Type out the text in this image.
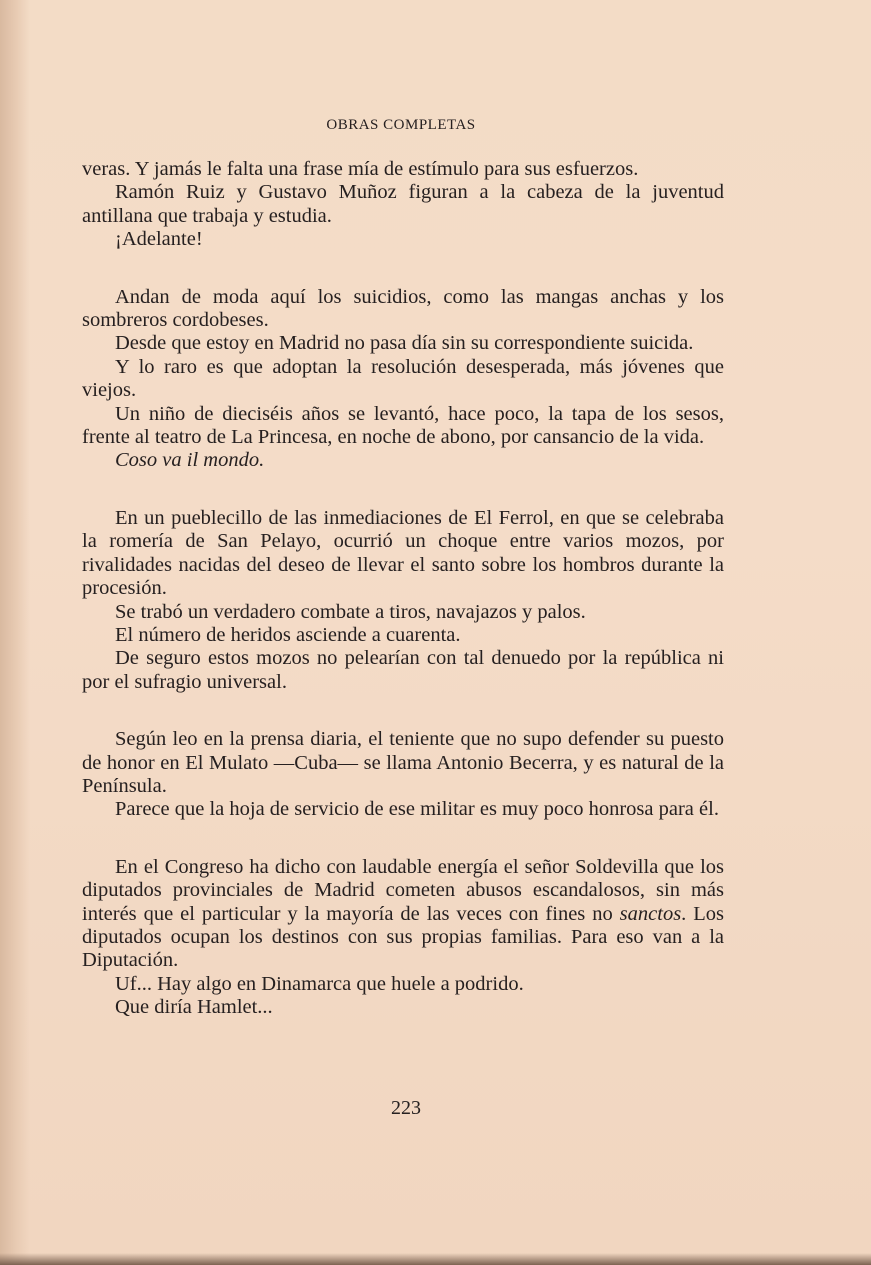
OBRAS COMPLETAS

veras. Y jamás le falta una frase mía de estímulo para sus esfuerzos.

Ramón Ruiz y Gustavo Muñoz figuran a la cabeza de la juventud antillana que trabaja y estudia.

¡Adelante!

Andan de moda aquí los suicidios, como las mangas anchas y los sombreros cordobeses.

Desde que estoy en Madrid no pasa día sin su correspondiente suicida.

Y lo raro es que adoptan la resolución desesperada, más jóvenes que viejos.

Un niño de dieciséis años se levantó, hace poco, la tapa de los sesos, frente al teatro de La Princesa, en noche de abono, por cansancio de la vida.

Coso va il mondo.

En un pueblecillo de las inmediaciones de El Ferrol, en que se celebraba la romería de San Pelayo, ocurrió un choque entre varios mozos, por rivalidades nacidas del deseo de llevar el santo sobre los hombros durante la procesión.

Se trabó un verdadero combate a tiros, navajazos y palos.

El número de heridos asciende a cuarenta.

De seguro estos mozos no pelearían con tal denuedo por la república ni por el sufragio universal.

Según leo en la prensa diaria, el teniente que no supo defender su puesto de honor en El Mulato —Cuba— se llama Antonio Becerra, y es natural de la Península.

Parece que la hoja de servicio de ese militar es muy poco honrosa para él.

En el Congreso ha dicho con laudable energía el señor Soldevilla que los diputados provinciales de Madrid cometen abusos escandalosos, sin más interés que el particular y la mayoría de las veces con fines no sanctos. Los diputados ocupan los destinos con sus propias familias. Para eso van a la Diputación.

Uf... Hay algo en Dinamarca que huele a podrido.

Que diría Hamlet...

223
